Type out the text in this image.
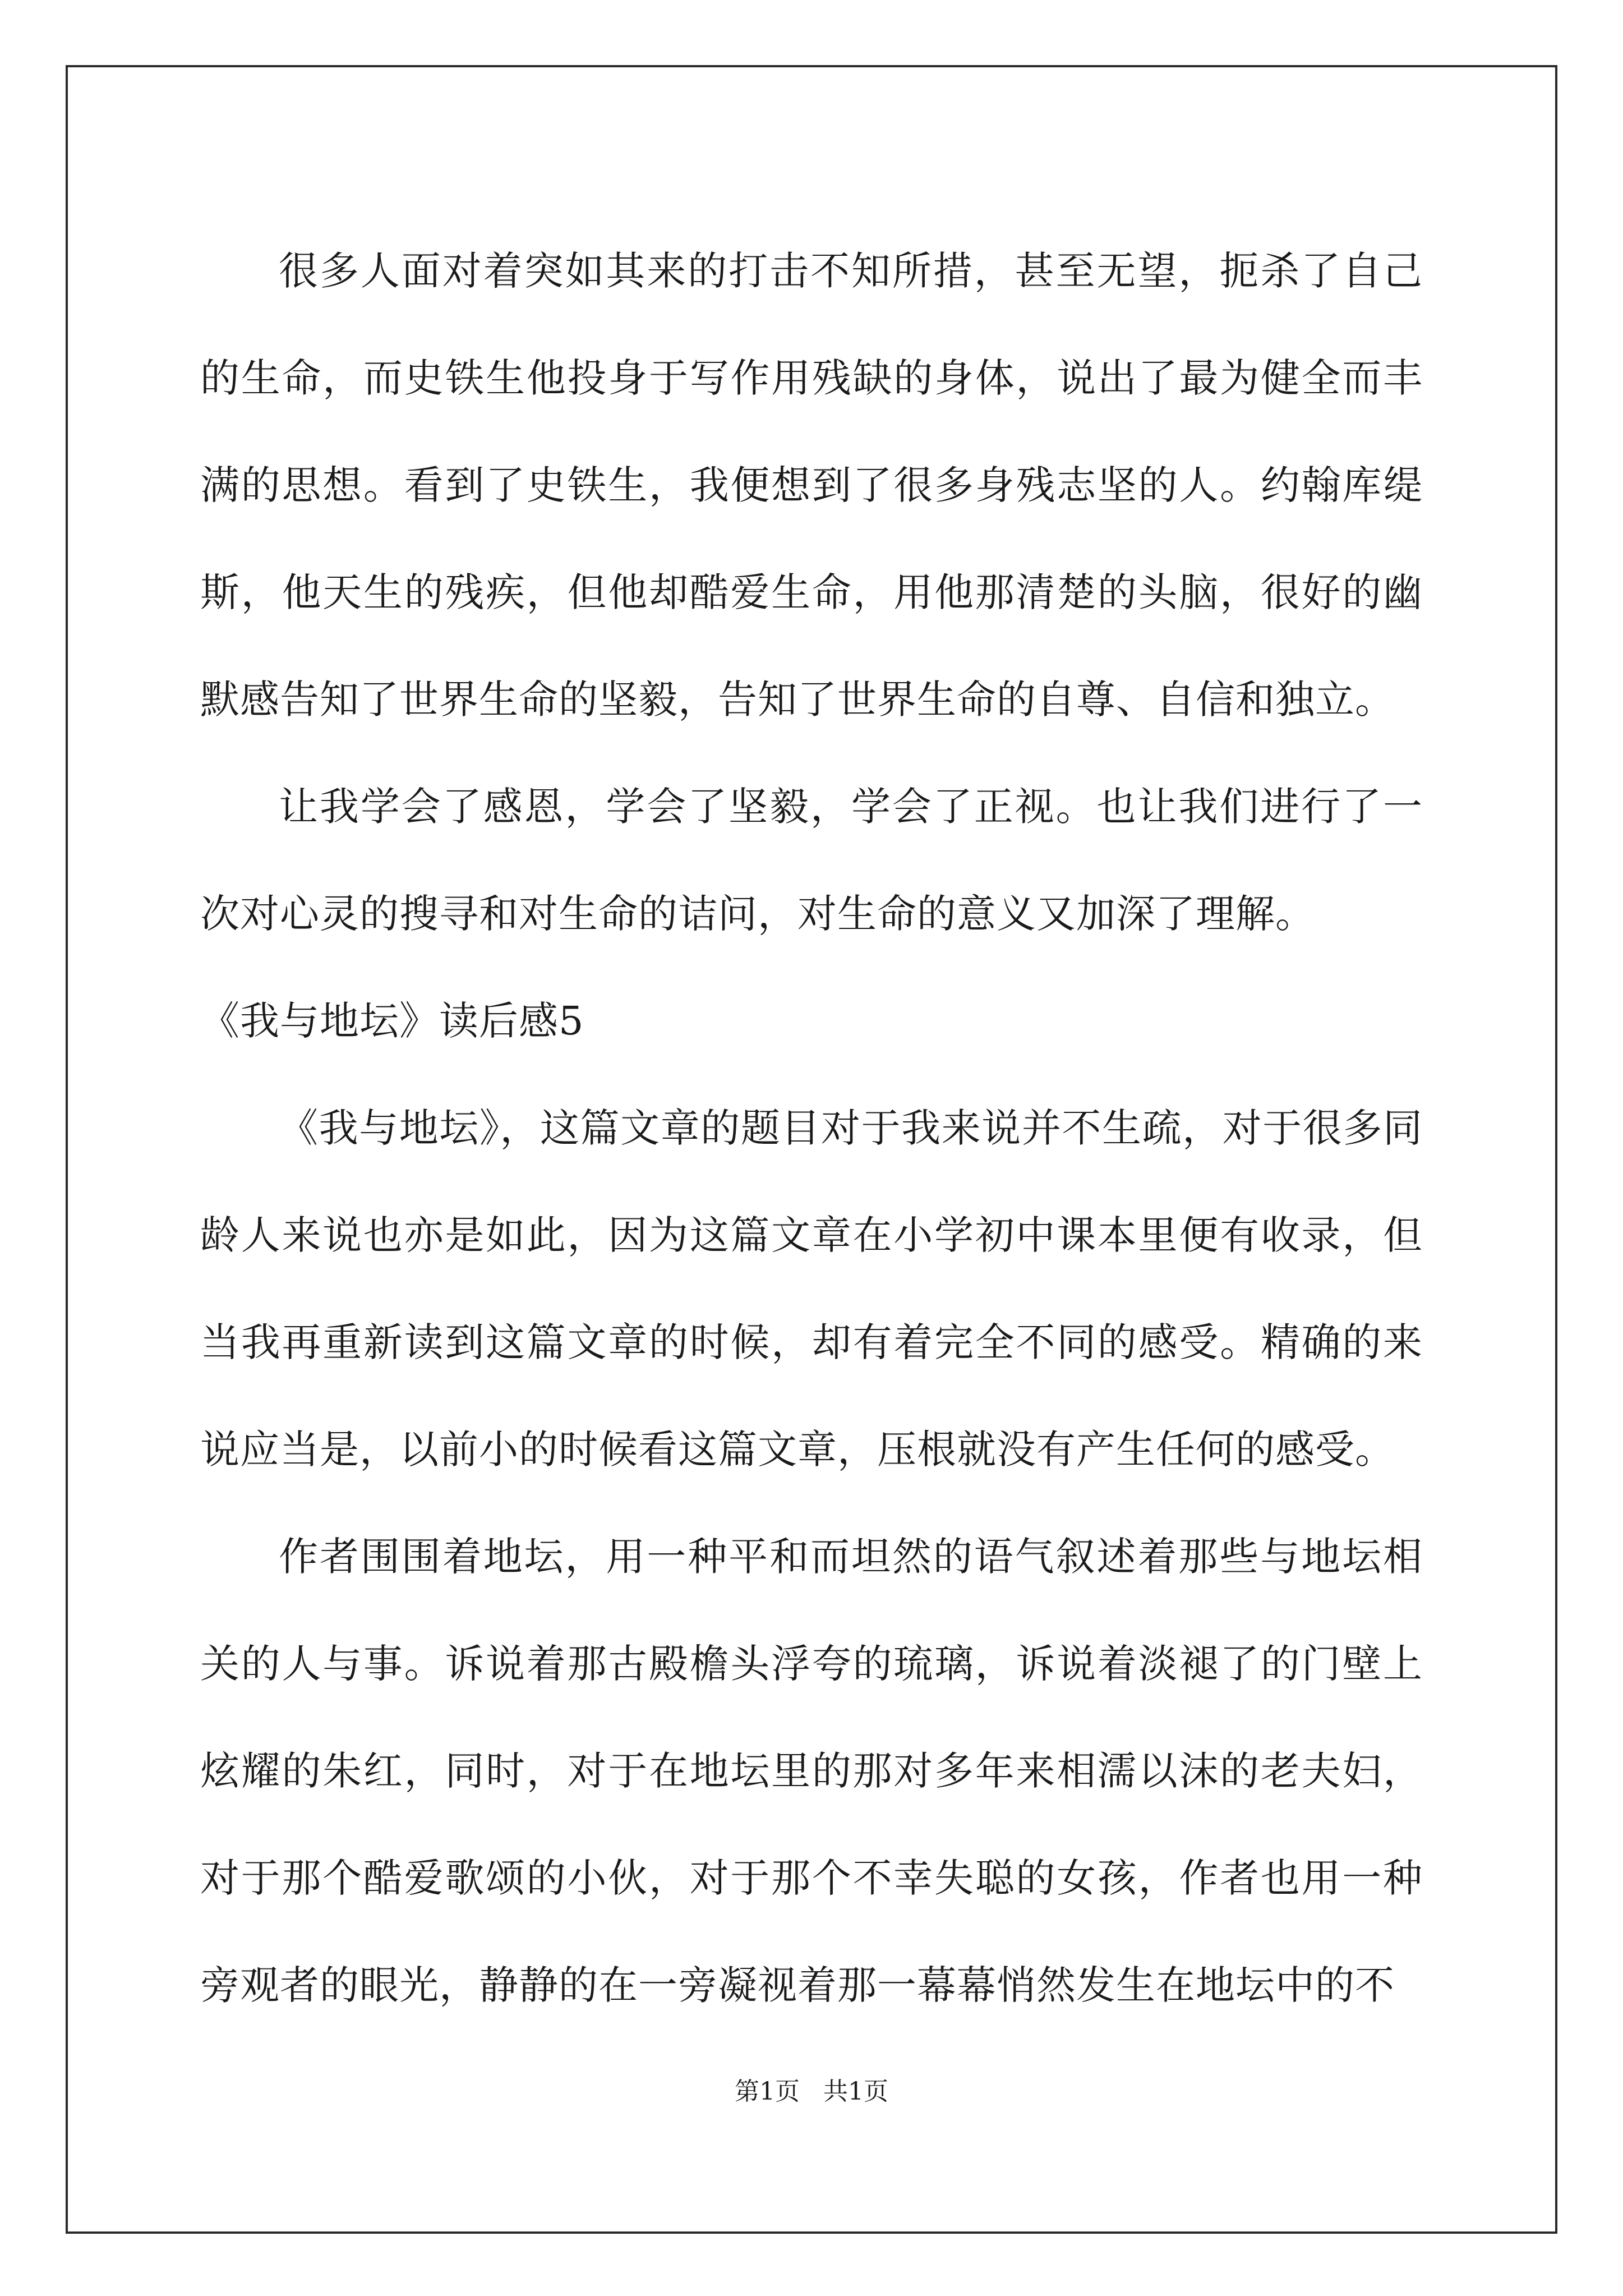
很多人面对着突如其来的打击不知所措，甚至无望，扼杀了自己的生命，而史铁生他投身于写作用残缺的身体，说出了最为健全而丰满的思想。看到了史铁生，我便想到了很多身残志坚的人。约翰库缇斯，他天生的残疾，但他却酷爱生命，用他那清楚的头脑，很好的幽默感告知了世界生命的坚毅，告知了世界生命的自尊、自信和独立。

让我学会了感恩，学会了坚毅，学会了正视。也让我们进行了一次对心灵的搜寻和对生命的诘问，对生命的意义又加深了理解。

《我与地坛》读后感5

《我与地坛》，这篇文章的题目对于我来说并不生疏，对于很多同龄人来说也亦是如此，因为这篇文章在小学初中课本里便有收录，但当我再重新读到这篇文章的时候，却有着完全不同的感受。精确的来说应当是，以前小的时候看这篇文章，压根就没有产生任何的感受。

作者围围着地坛，用一种平和而坦然的语气叙述着那些与地坛相关的人与事。诉说着那古殿檐头浮夸的琉璃，诉说着淡褪了的门壁上炫耀的朱红，同时，对于在地坛里的那对多年来相濡以沫的老夫妇，对于那个酷爱歌颂的小伙，对于那个不幸失聪的女孩，作者也用一种旁观者的眼光，静静的在一旁凝视着那一幕幕悄然发生在地坛中的不

第1页   共1页
